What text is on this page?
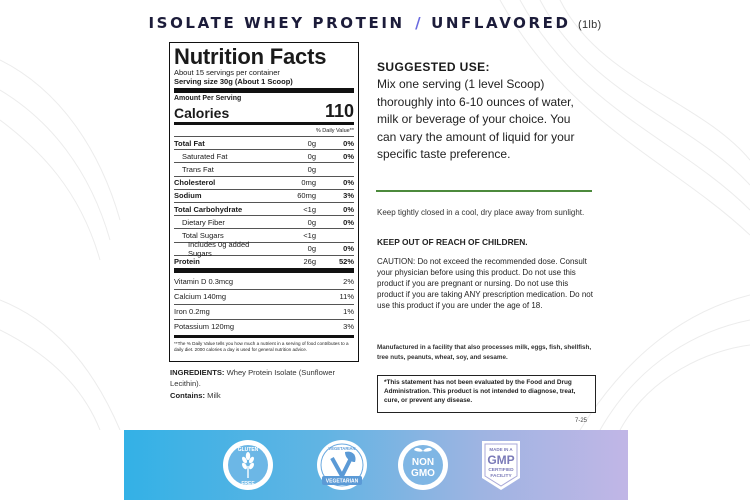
ISOLATE WHEY PROTEIN / UNFLAVORED (1lb)
Nutrition Facts
About 15 servings per container
Serving size 30g (About 1 Scoop)
Amount Per Serving
Calories	110
% Daily Value**
Total Fat	0g	0%
Saturated Fat	0g	0%
Trans Fat	0g
Cholesterol	0mg	0%
Sodium	60mg	3%
Total Carbohydrate	<1g	0%
Dietary Fiber	0g	0%
Total Sugars	<1g
Includes 0g added Sugars	0g	0%
Protein	26g	52%
Vitamin D 0.3mcg	2%
Calcium 140mg	11%
Iron 0.2mg	1%
Potassium 120mg	3%
**The % Daily Value tells you how much a nutrient in a serving of food contributes to a daily diet. 2000 calories a day is used for general nutrition advice.
INGREDIENTS: Whey Protein Isolate (Sunflower Lecithin).
Contains: Milk
SUGGESTED USE:
Mix one serving (1 level Scoop) thoroughly into 6-10 ounces of water, milk or beverage of your choice. You can vary the amount of liquid for your specific taste preference.
Keep tightly closed in a cool, dry place away from sunlight.
KEEP OUT OF REACH OF CHILDREN.
CAUTION: Do not exceed the recommended dose. Consult your physician before using this product. Do not use this product if you are pregnant or nursing. Do not use this product if you are taking ANY prescription medication. Do not use this product if you are under the age of 18.
Manufactured in a facility that also processes milk, eggs, fish, shellfish, tree nuts, peanuts, wheat, soy, and sesame.
*This statement has not been evaluated by the Food and Drug Administration. This product is not intended to diagnose, treat, cure, or prevent any disease.
7-25
GLUTEN
FREE
VEGETARIAN
VEGETARIAN
NON
GMO
MADE IN A
GMP
CERTIFIED
FACILITY
